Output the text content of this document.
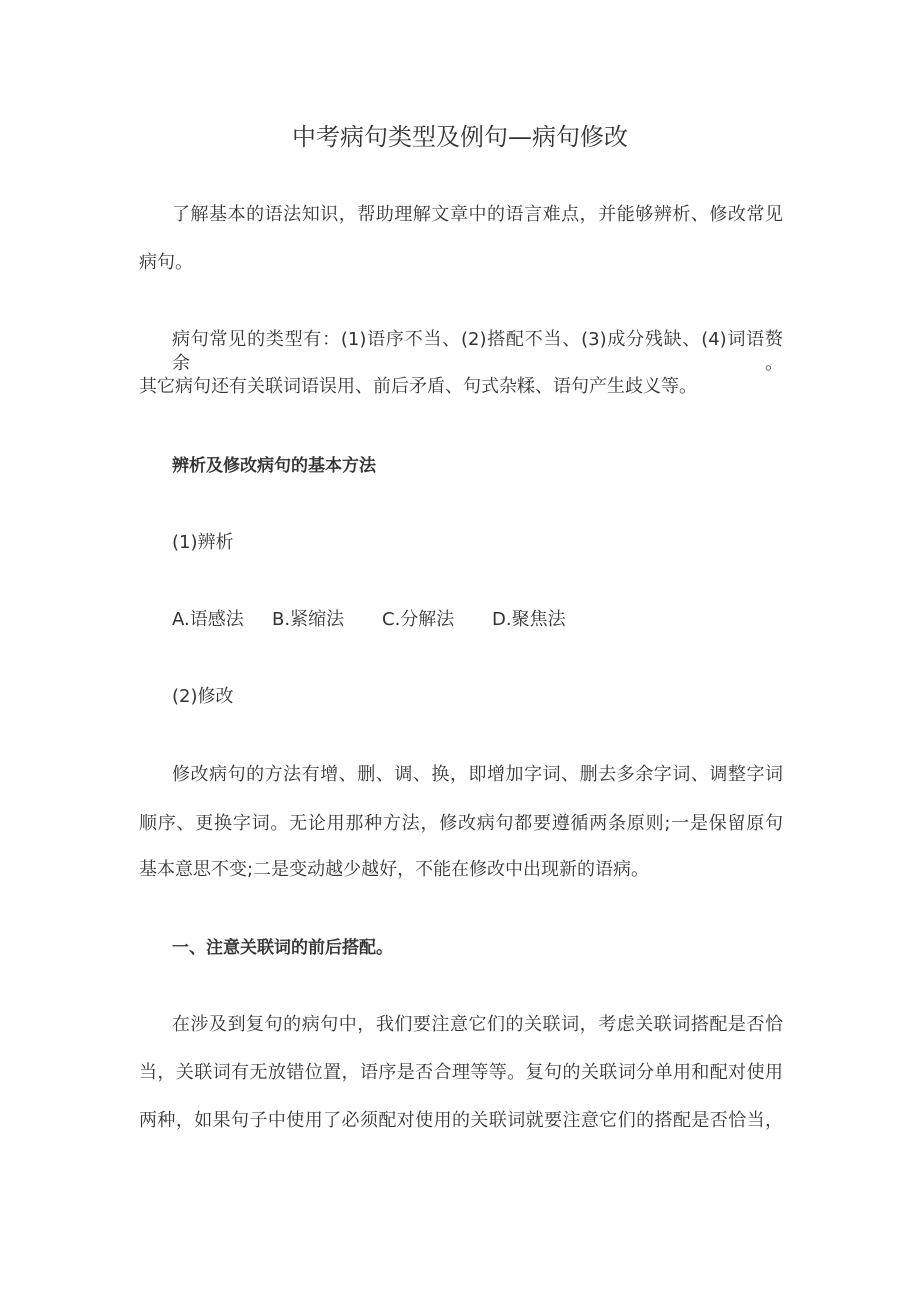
中考病句类型及例句—病句修改
了解基本的语法知识，帮助理解文章中的语言难点，并能够辨析、修改常见
病句。
病句常见的类型有：(1)语序不当、(2)搭配不当、(3)成分残缺、(4)词语赘余。
其它病句还有关联词语误用、前后矛盾、句式杂糅、语句产生歧义等。
辨析及修改病句的基本方法
(1)辨析
A.语感法 B.紧缩法 C.分解法 D.聚焦法
(2)修改
修改病句的方法有增、删、调、换，即增加字词、删去多余字词、调整字词
顺序、更换字词。无论用那种方法，修改病句都要遵循两条原则;一是保留原句
基本意思不变;二是变动越少越好，不能在修改中出现新的语病。
一、注意关联词的前后搭配。
在涉及到复句的病句中，我们要注意它们的关联词，考虑关联词搭配是否恰
当，关联词有无放错位置，语序是否合理等等。复句的关联词分单用和配对使用
两种，如果句子中使用了必须配对使用的关联词就要注意它们的搭配是否恰当，
